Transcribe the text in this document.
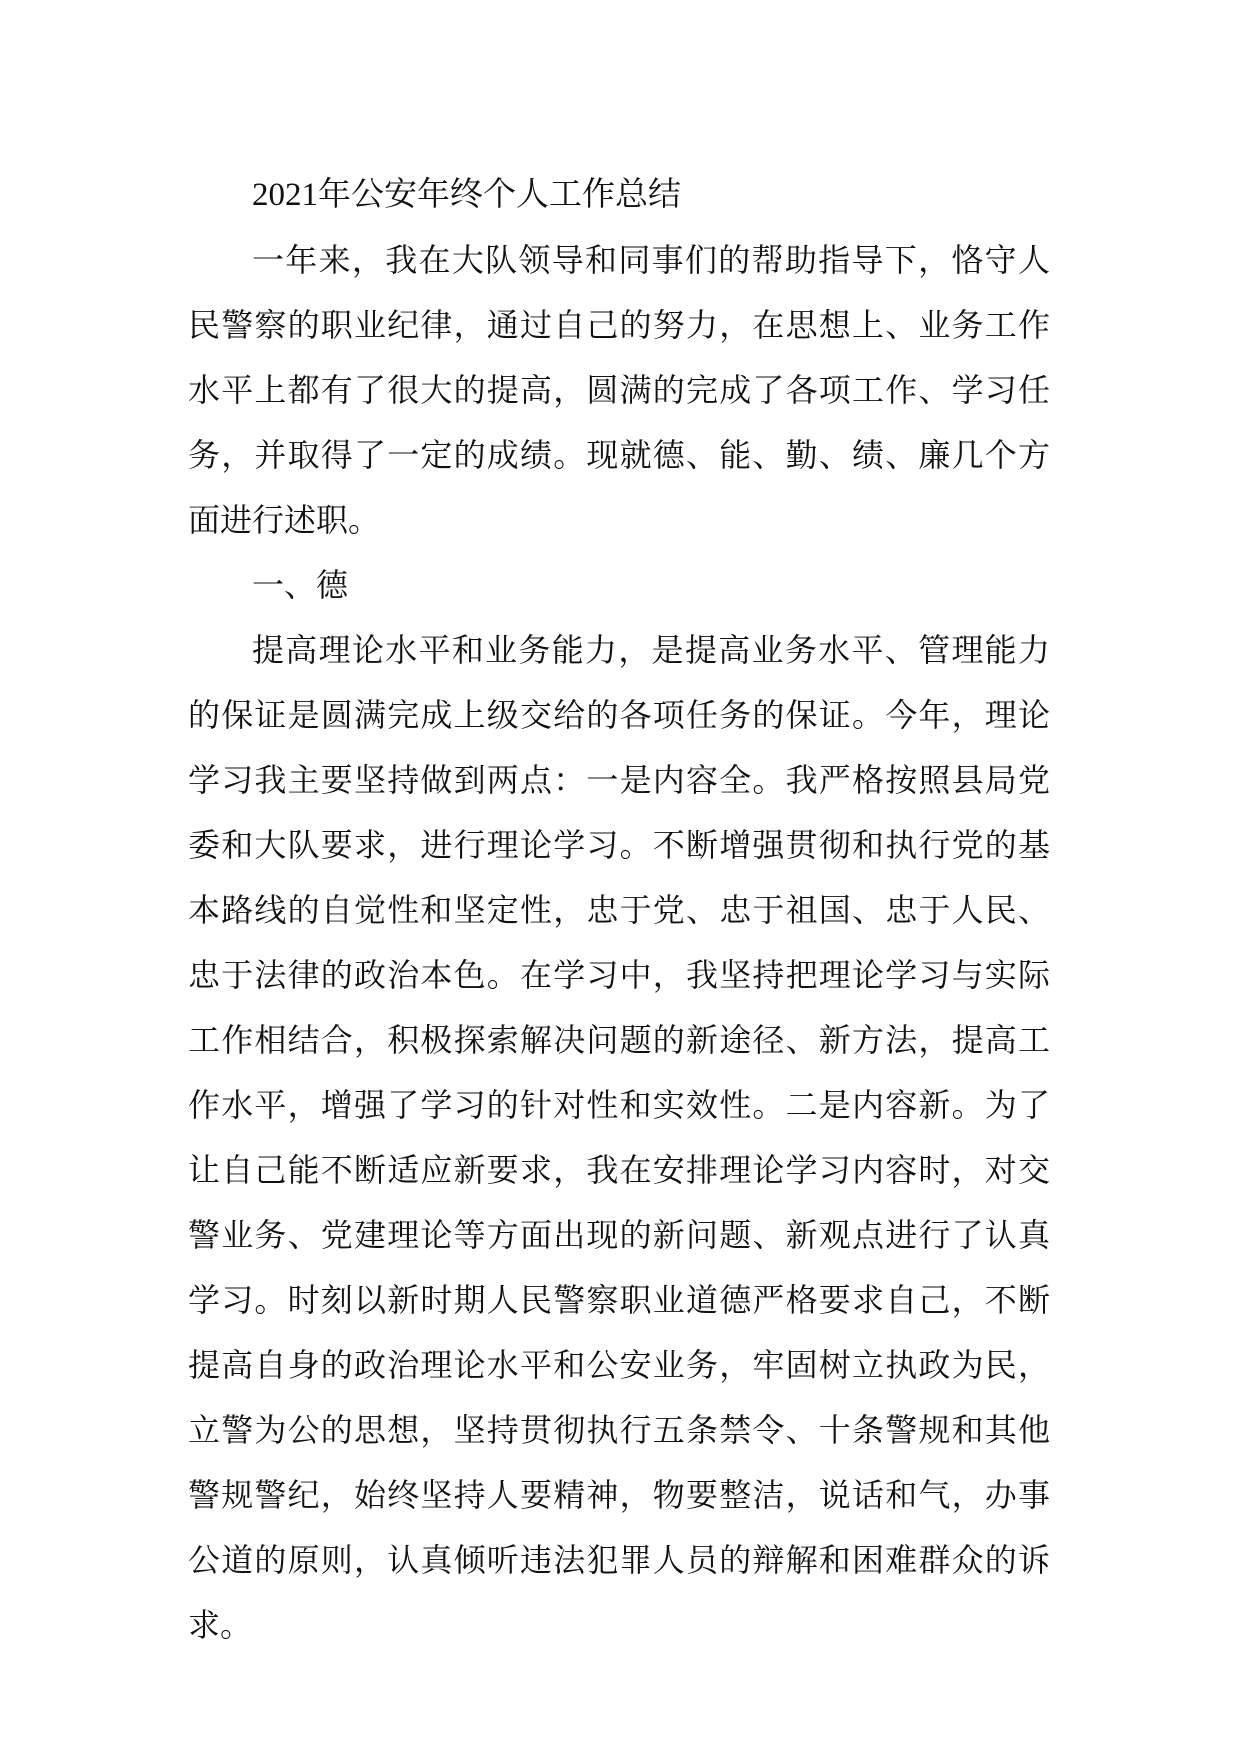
2021年公安年终个人工作总结

一年来，我在大队领导和同事们的帮助指导下，恪守人民警察的职业纪律，通过自己的努力，在思想上、业务工作水平上都有了很大的提高，圆满的完成了各项工作、学习任务，并取得了一定的成绩。现就德、能、勤、绩、廉几个方面进行述职。

一、德

提高理论水平和业务能力，是提高业务水平、管理能力的保证是圆满完成上级交给的各项任务的保证。今年，理论学习我主要坚持做到两点：一是内容全。我严格按照县局党委和大队要求，进行理论学习。不断增强贯彻和执行党的基本路线的自觉性和坚定性，忠于党、忠于祖国、忠于人民、忠于法律的政治本色。在学习中，我坚持把理论学习与实际工作相结合，积极探索解决问题的新途径、新方法，提高工作水平，增强了学习的针对性和实效性。二是内容新。为了让自己能不断适应新要求，我在安排理论学习内容时，对交警业务、党建理论等方面出现的新问题、新观点进行了认真学习。时刻以新时期人民警察职业道德严格要求自己，不断提高自身的政治理论水平和公安业务，牢固树立执政为民，立警为公的思想，坚持贯彻执行五条禁令、十条警规和其他警规警纪，始终坚持人要精神，物要整洁，说话和气，办事公道的原则，认真倾听违法犯罪人员的辩解和困难群众的诉求。
